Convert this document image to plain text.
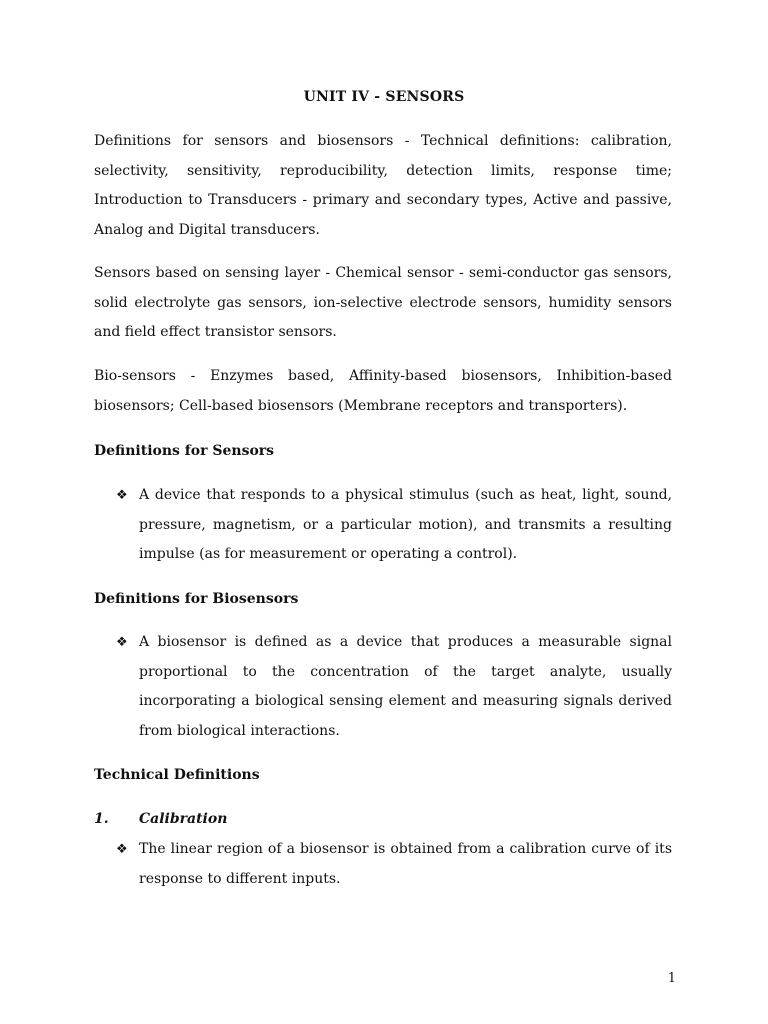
UNIT IV - SENSORS

Definitions for sensors and biosensors - Technical definitions: calibration, selectivity, sensitivity, reproducibility, detection limits, response time; Introduction to Transducers - primary and secondary types, Active and passive, Analog and Digital transducers.

Sensors based on sensing layer - Chemical sensor - semi-conductor gas sensors, solid electrolyte gas sensors, ion-selective electrode sensors, humidity sensors and field effect transistor sensors.

Bio-sensors - Enzymes based, Affinity-based biosensors, Inhibition-based biosensors; Cell-based biosensors (Membrane receptors and transporters).

Definitions for Sensors
❖ A device that responds to a physical stimulus (such as heat, light, sound, pressure, magnetism, or a particular motion), and transmits a resulting impulse (as for measurement or operating a control).

Definitions for Biosensors
❖ A biosensor is defined as a device that produces a measurable signal proportional to the concentration of the target analyte, usually incorporating a biological sensing element and measuring signals derived from biological interactions.

Technical Definitions
1. Calibration
❖ The linear region of a biosensor is obtained from a calibration curve of its response to different inputs.

1
